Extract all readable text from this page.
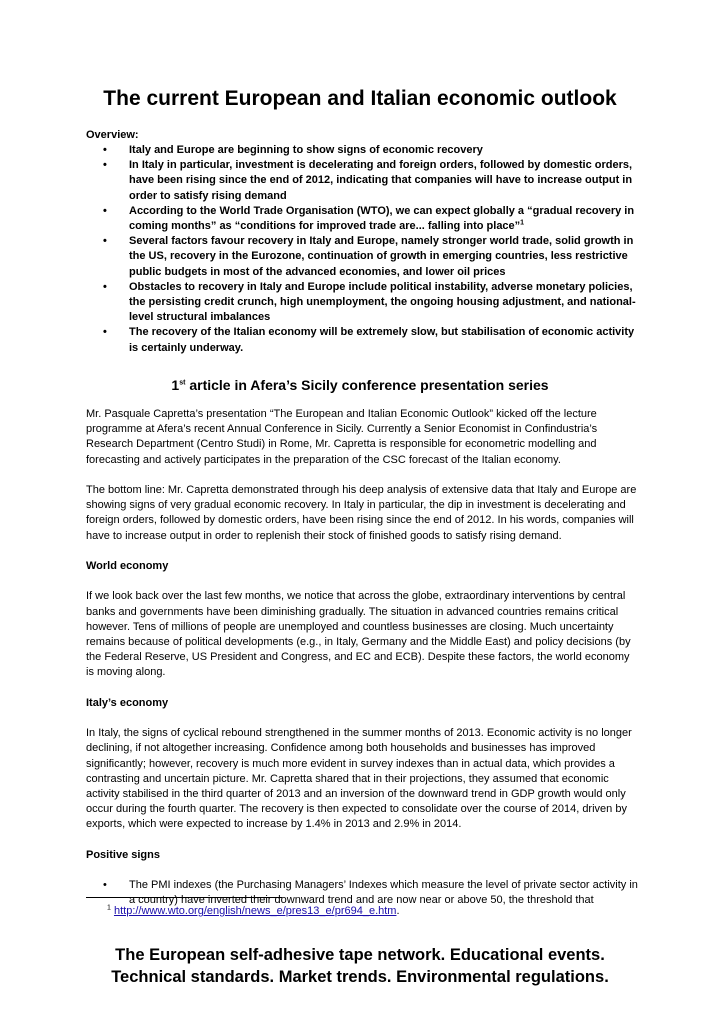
The current European and Italian economic outlook
Overview:
• Italy and Europe are beginning to show signs of economic recovery
• In Italy in particular, investment is decelerating and foreign orders, followed by domestic orders, have been rising since the end of 2012, indicating that companies will have to increase output in order to satisfy rising demand
• According to the World Trade Organisation (WTO), we can expect globally a “gradual recovery in coming months” as “conditions for improved trade are... falling into place”$^1$
• Several factors favour recovery in Italy and Europe, namely stronger world trade, solid growth in the US, recovery in the Eurozone, continuation of growth in emerging countries, less restrictive public budgets in most of the advanced economies, and lower oil prices
• Obstacles to recovery in Italy and Europe include political instability, adverse monetary policies, the persisting credit crunch, high unemployment, the ongoing housing adjustment, and national-level structural imbalances
• The recovery of the Italian economy will be extremely slow, but stabilisation of economic activity is certainly underway.
1st article in Afera’s Sicily conference presentation series

Mr. Pasquale Capretta’s presentation “The European and Italian Economic Outlook” kicked off the lecture programme at Afera’s recent Annual Conference in Sicily. Currently a Senior Economist in Confindustria’s Research Department (Centro Studi) in Rome, Mr. Capretta is responsible for econometric modelling and forecasting and actively participates in the preparation of the CSC forecast of the Italian economy.

The bottom line: Mr. Capretta demonstrated through his deep analysis of extensive data that Italy and Europe are showing signs of very gradual economic recovery. In Italy in particular, the dip in investment is decelerating and foreign orders, followed by domestic orders, have been rising since the end of 2012. In his words, companies will have to increase output in order to replenish their stock of finished goods to satisfy rising demand.

World economy

If we look back over the last few months, we notice that across the globe, extraordinary interventions by central banks and governments have been diminishing gradually. The situation in advanced countries remains critical however. Tens of millions of people are unemployed and countless businesses are closing. Much uncertainty remains because of political developments (e.g., in Italy, Germany and the Middle East) and policy decisions (by the Federal Reserve, US President and Congress, and EC and ECB). Despite these factors, the world economy is moving along.

Italy’s economy

In Italy, the signs of cyclical rebound strengthened in the summer months of 2013. Economic activity is no longer declining, if not altogether increasing. Confidence among both households and businesses has improved significantly; however, recovery is much more evident in survey indexes than in actual data, which provides a contrasting and uncertain picture. Mr. Capretta shared that in their projections, they assumed that economic activity stabilised in the third quarter of 2013 and an inversion of the downward trend in GDP growth would only occur during the fourth quarter. The recovery is then expected to consolidate over the course of 2014, driven by exports, which were expected to increase by 1.4% in 2013 and 2.9% in 2014.

Positive signs

• The PMI indexes (the Purchasing Managers’ Indexes which measure the level of private sector activity in a country) have inverted their downward trend and are now near or above 50, the threshold that

$^1$ http://www.wto.org/english/news_e/pres13_e/pr694_e.htm.
The European self-adhesive tape network. Educational events.
Technical standards. Market trends. Environmental regulations.
